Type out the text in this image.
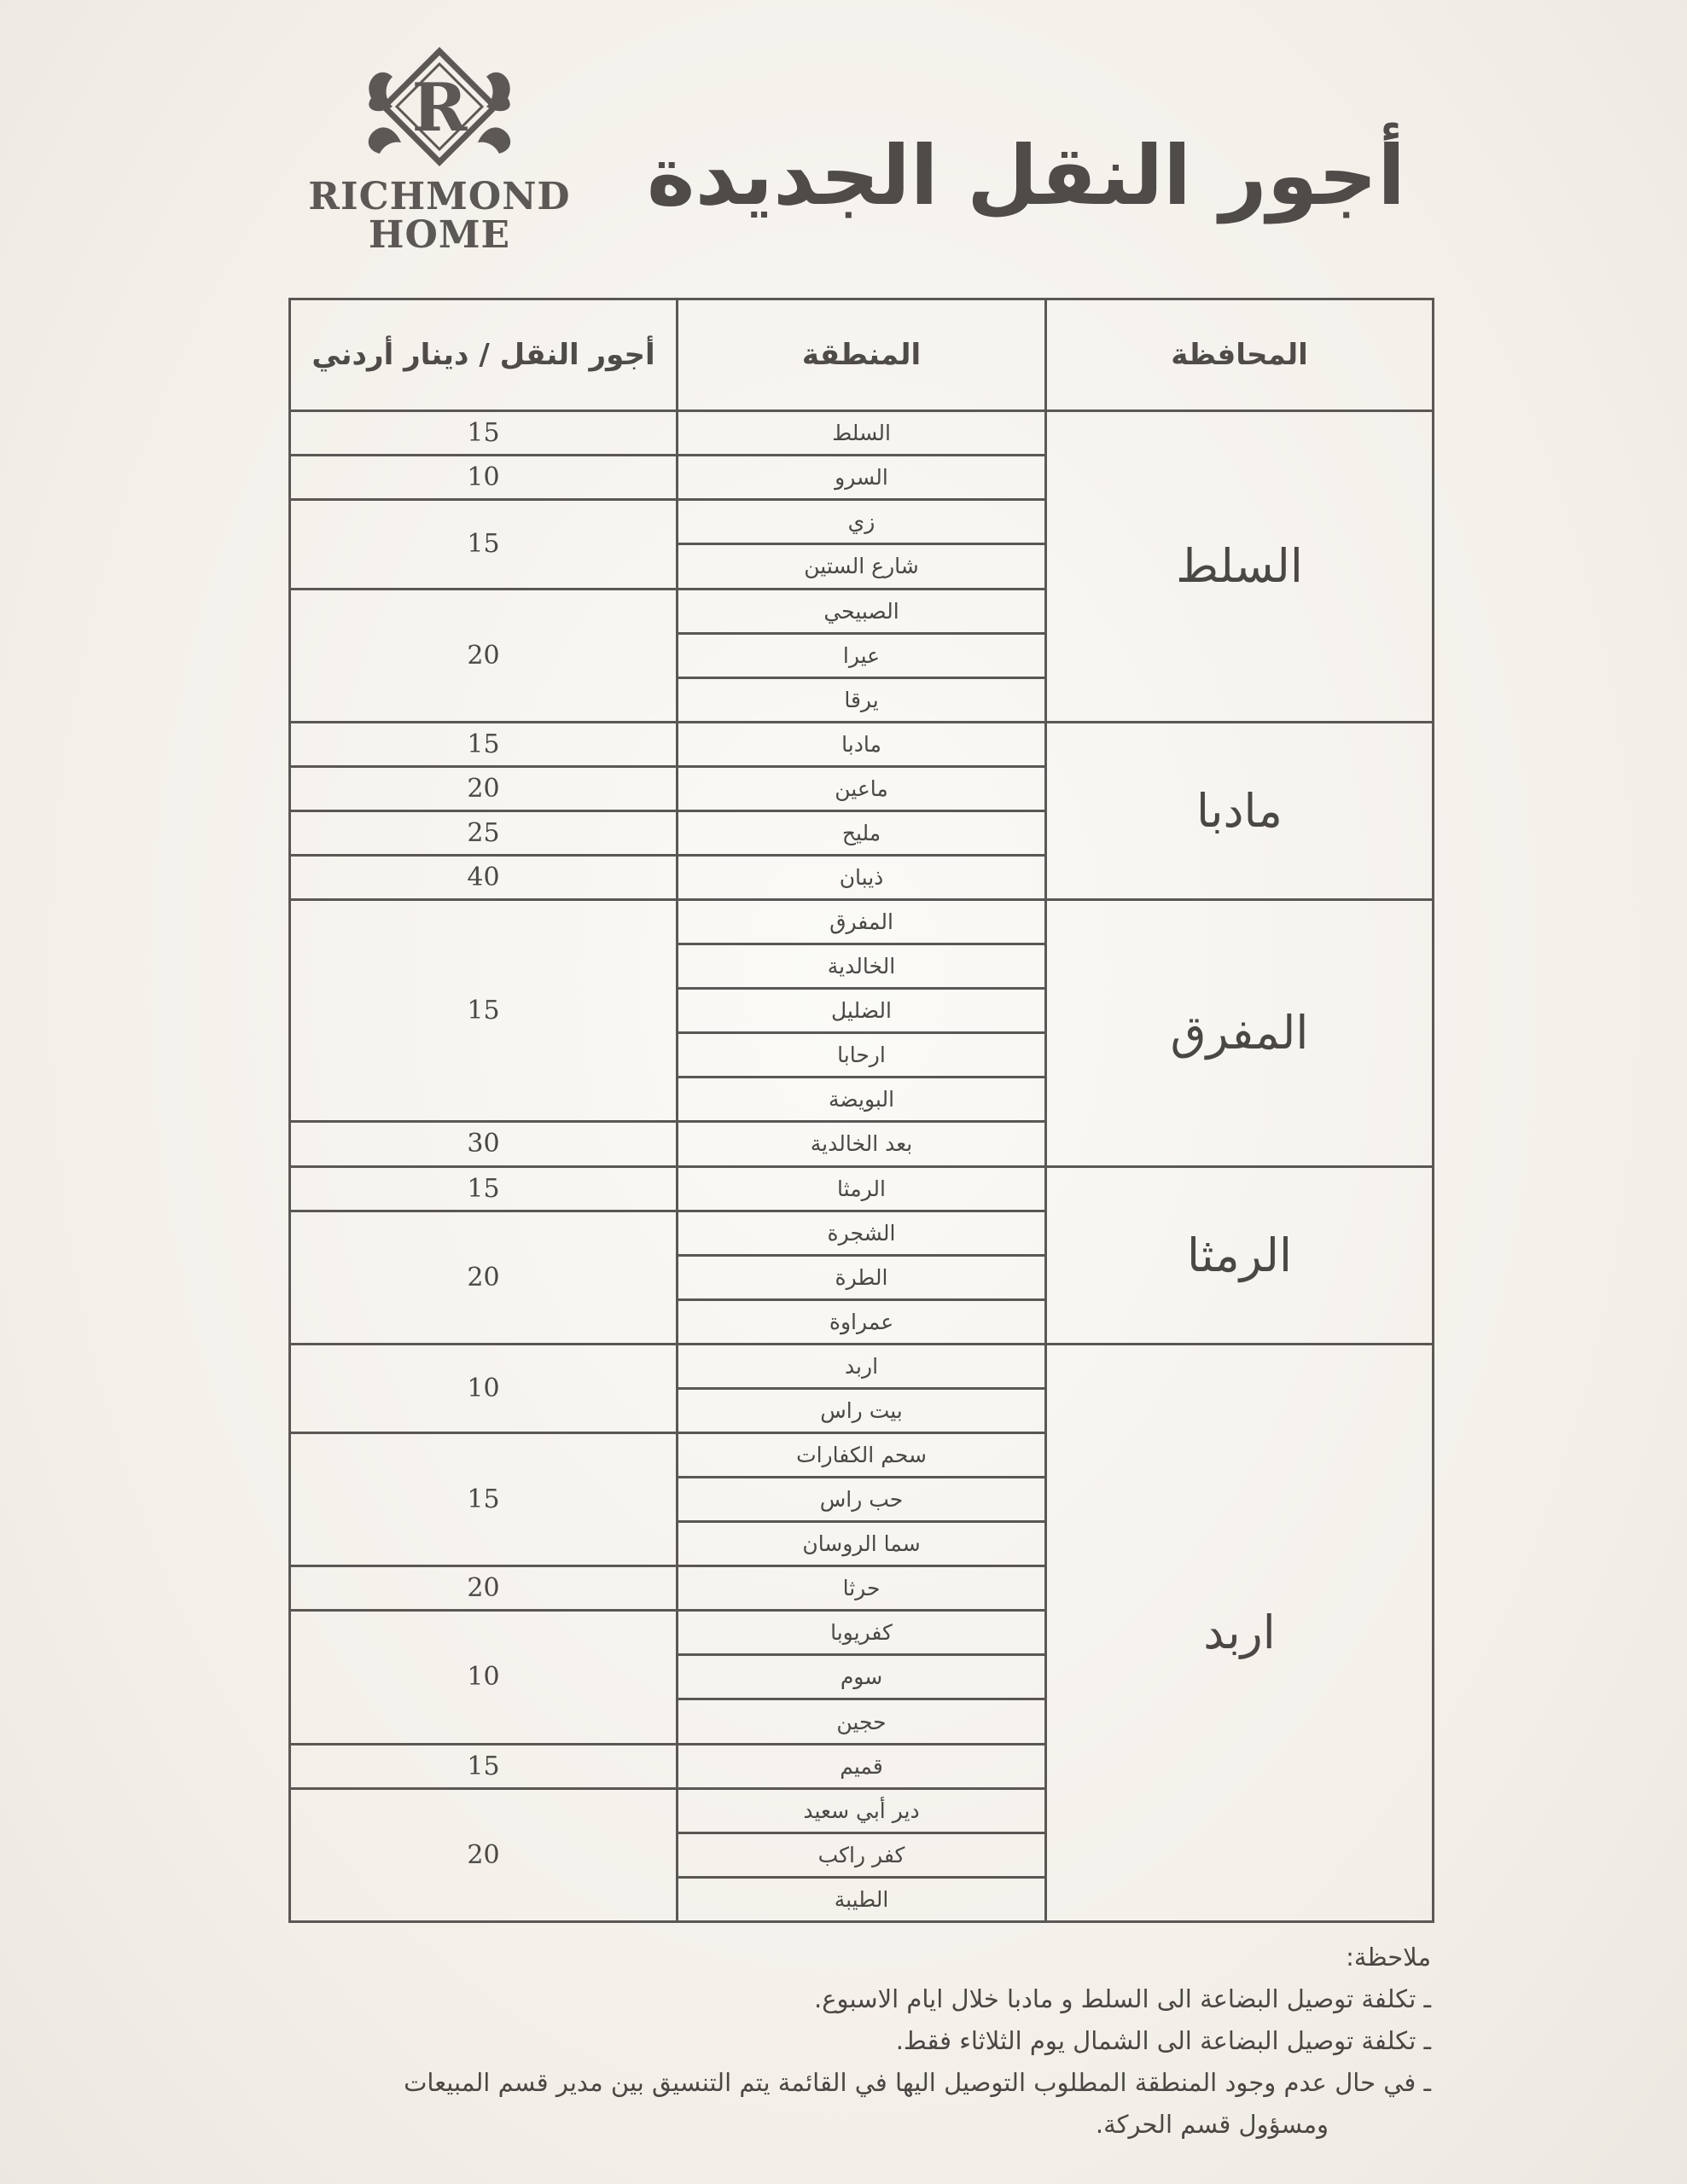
R
RICHMOND
HOME
أجور النقل الجديدة
المحافظة	المنطقة	أجور النقل / دينار أردني
السلط	السلط	15
	السرو	10
	زي	15
	شارع الستين	
	الصبيحي	20
	عيرا	
	يرقا	
مادبا	مادبا	15
	ماعين	20
	مليح	25
	ذيبان	40
المفرق	المفرق	15
	الخالدية	
	الضليل	
	ارحابا	
	البويضة	
	بعد الخالدية	30
الرمثا	الرمثا	15
	الشجرة	20
	الطرة	
	عمراوة	
اربد	اربد	10
	بيت راس	
	سحم الكفارات	15
	حب راس	
	سما الروسان	
	حرثا	20
	كفريوبا	10
	سوم	
	حجين	
	قميم	15
	دير أبي سعيد	20
	كفر راكب	
	الطيبة	
ملاحظة:
ـ تكلفة توصيل البضاعة الى السلط و مادبا خلال ايام الاسبوع.
ـ تكلفة توصيل البضاعة الى الشمال يوم الثلاثاء فقط.
ـ في حال عدم وجود المنطقة المطلوب التوصيل اليها في القائمة يتم التنسيق بين مدير قسم المبيعات
ومسؤول قسم الحركة.
